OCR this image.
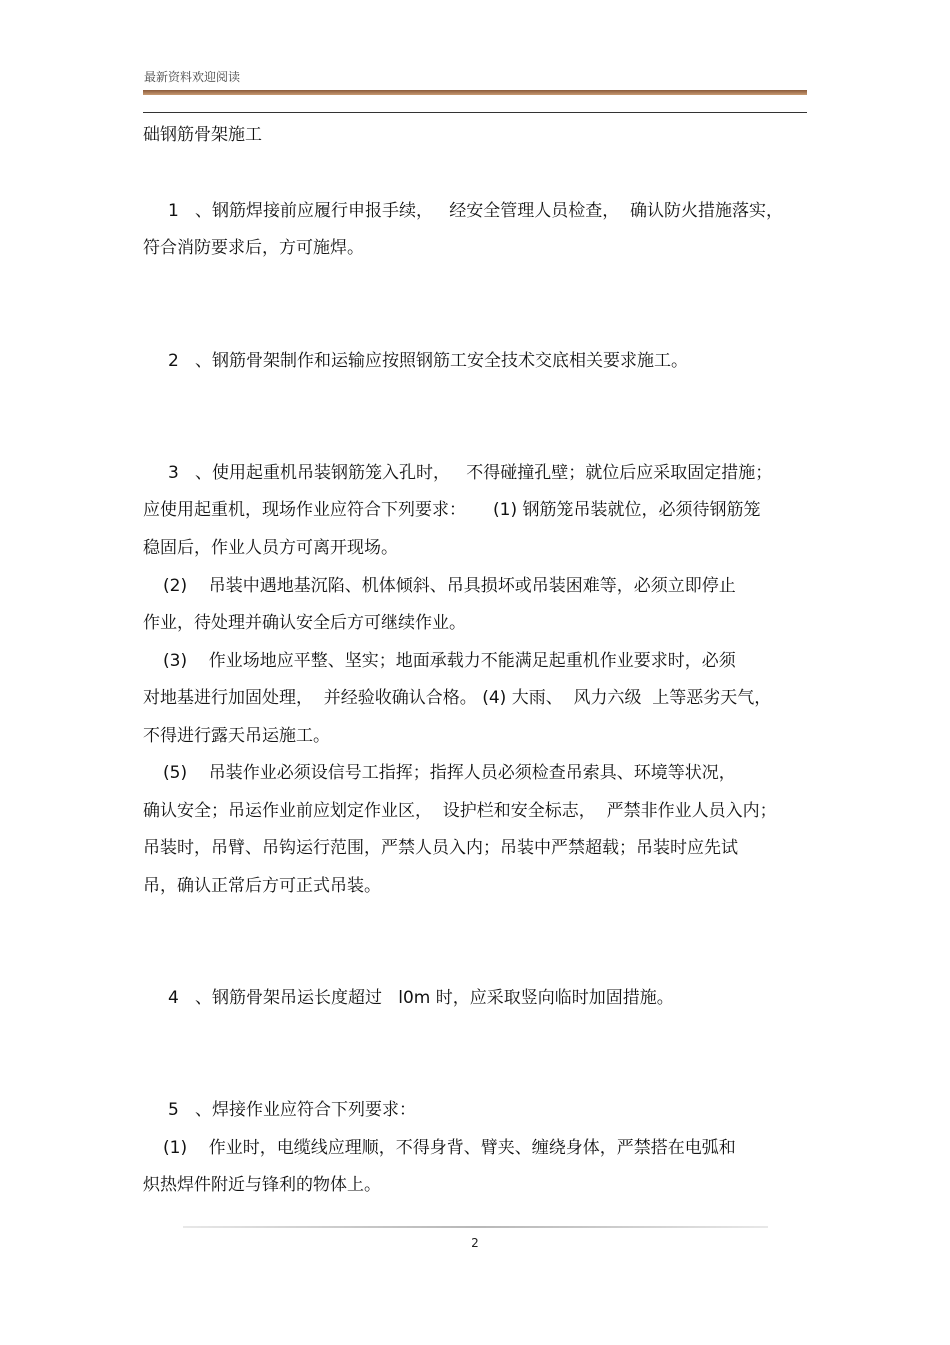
最新资料欢迎阅读
础钢筋骨架施工
1   、钢筋焊接前应履行申报手续，   经安全管理人员检查，  确认防火措施落实，
符合消防要求后，方可施焊。
2   、钢筋骨架制作和运输应按照钢筋工安全技术交底相关要求施工。
3   、使用起重机吊装钢筋笼入孔时，   不得碰撞孔壁；就位后应采取固定措施；
应使用起重机，现场作业应符合下列要求：     (1) 钢筋笼吊装就位，必须待钢筋笼
稳固后，作业人员方可离开现场。
(2)    吊装中遇地基沉陷、机体倾斜、吊具损坏或吊装困难等，必须立即停止
作业，待处理并确认安全后方可继续作业。
(3)    作业场地应平整、坚实；地面承载力不能满足起重机作业要求时，必须
对地基进行加固处理，  并经验收确认合格。 (4) 大雨、  风力六级  上等恶劣天气，
不得进行露天吊运施工。
(5)    吊装作业必须设信号工指挥；指挥人员必须检查吊索具、环境等状况，
确认安全；吊运作业前应划定作业区，  设护栏和安全标志，  严禁非作业人员入内；
吊装时，吊臂、吊钩运行范围，严禁人员入内；吊装中严禁超载；吊装时应先试
吊，确认正常后方可正式吊装。
4   、钢筋骨架吊运长度超过   l0m 时，应采取竖向临时加固措施。
5   、焊接作业应符合下列要求：
(1)    作业时，电缆线应理顺，不得身背、臂夹、缠绕身体，严禁搭在电弧和
炽热焊件附近与锋利的物体上。
2
